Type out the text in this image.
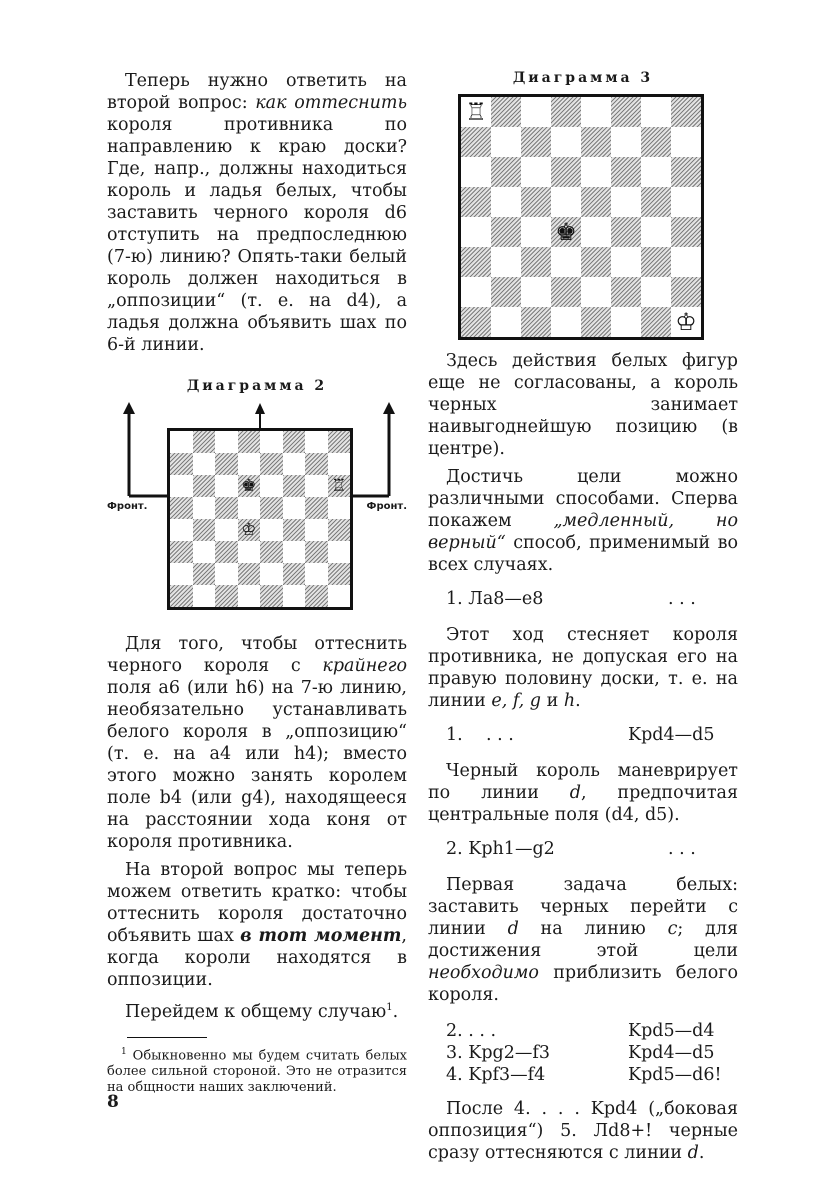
Теперь нужно ответить на второй вопрос: как оттеснить короля противника по направлению к краю доски? Где, напр., должны находиться король и ладья белых, чтобы заставить черного короля d6 отступить на предпоследнюю (7-ю) линию? Опять-таки белый король должен находиться в „оппозиции“ (т. е. на d4), а ладья должна объявить шах по 6-й линии.
Диаграмма 2
♚	♖
♔
Фронт.	Фронт.
Для того, чтобы оттеснить черного короля с крайнего поля a6 (или h6) на 7-ю линию, необязательно устанавливать белого короля в „оппозицию“ (т. е. на a4 или h4); вместо этого можно занять королем поле b4 (или g4), находящееся на расстоянии хода коня от короля противника.
На второй вопрос мы теперь можем ответить кратко: чтобы оттеснить короля достаточно объявить шах в тот момент, когда короли находятся в оппозиции.
Перейдем к общему случаю$^1$.
$^1$ Обыкновенно мы будем считать белых более сильной стороной. Это не отразится на общности наших заключений.
8
Диаграмма 3
♖
♚
♔
Здесь действия белых фигур еще не согласованы, а король черных занимает наивыгоднейшую позицию (в центре).
Достичь цели можно различными способами. Сперва покажем „медленный, но верный“ способ, применимый во всех случаях.
1. Ла8—е8	. . .
Этот ход стесняет короля противника, не допуская его на правую половину доски, т. е. на линии e, f, g и h.
1.	. . .	Kpd4—d5
Черный король маневрирует по линии d, предпочитая центральные поля (d4, d5).
2. Kph1—g2	. . .
Первая задача белых: заставить черных перейти с линии d на линию c; для достижения этой цели необходимо приблизить белого короля.
2. . . .	Kpd5—d4
3. Kpg2—f3	Kpd4—d5
4. Kpf3—f4	Kpd5—d6!
После 4. . . . Kpd4 („боковая оппозиция“) 5. Лd8+! черные сразу оттесняются с линии d.
